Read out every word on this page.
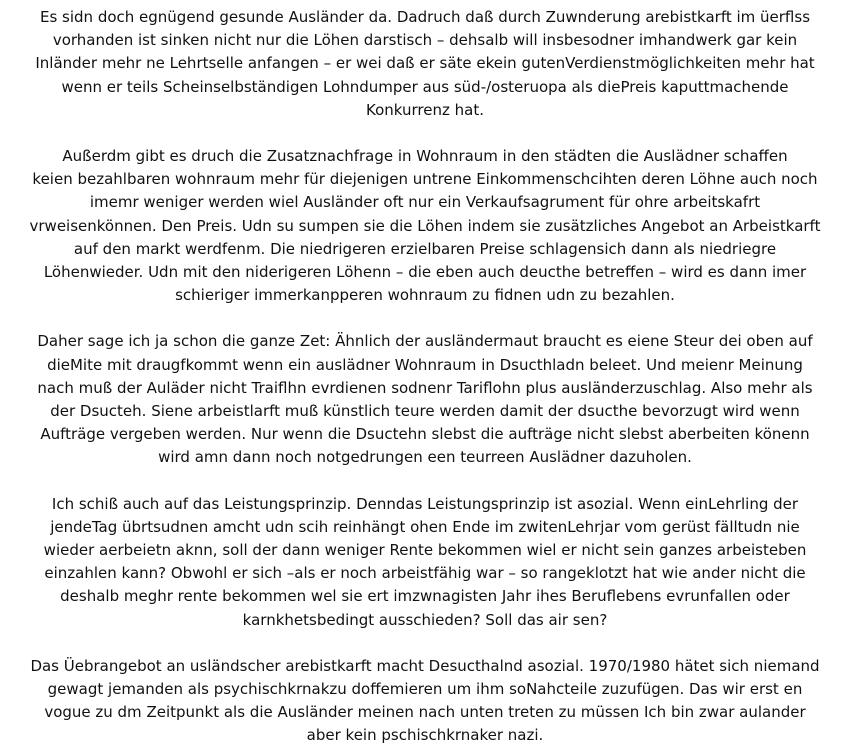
Es sidn doch egnügend gesunde Ausländer da. Dadruch daß durch Zuwnderung arebistkarft im üerflss
vorhanden ist sinken nicht nur die Löhen darstisch – dehsalb will insbesodner imhandwerk gar kein
Inländer mehr ne Lehrtselle anfangen – er wei daß er säte ekein gutenVerdienstmöglichkeiten mehr hat
wenn er teils Scheinselbständigen Lohndumper aus süd-/osteruopa als diePreis kaputtmachende
Konkurrenz hat.

Außerdm gibt es druch die Zusatznachfrage in Wohnraum in den städten die Auslädner schaffen
keien bezahlbaren wohnraum mehr für diejenigen untrene Einkommenschcihten deren Löhne auch noch
imemr weniger werden wiel Ausländer oft nur ein Verkaufsagrument für ohre arbeitskafrt
vrweisenkönnen. Den Preis. Udn su sumpen sie die Löhen indem sie zusätzliches Angebot an Arbeistkarft
auf den markt werdfenm. Die niedrigeren erzielbaren Preise schlagensich dann als niedriegre
Löhenwieder. Udn mit den niderigeren Löhenn – die eben auch deucthe betreffen – wird es dann imer
schieriger immerkanpperen wohnraum zu fidnen udn zu bezahlen.

Daher sage ich ja schon die ganze Zet: Ähnlich der ausländermaut braucht es eiene Steur dei oben auf
dieMite mit draugfkommt wenn ein auslädner Wohnraum in Dsucthladn beleet. Und meienr Meinung
nach muß der Auläder nicht Traiflhn evrdienen sodnenr Tariflohn plus ausländerzuschlag. Also mehr als
der Dsucteh. Siene arbeistlarft muß künstlich teure werden damit der dsucthe bevorzugt wird wenn
Aufträge vergeben werden. Nur wenn die Dsuctehn slebst die aufträge nicht slebst aberbeiten könenn
wird amn dann noch notgedrungen een teurreen Auslädner dazuholen.

Ich schiß auch auf das Leistungsprinzip. Denndas Leistungsprinzip ist asozial. Wenn einLehrling der
jendeTag übrtsudnen amcht udn scih reinhängt ohen Ende im zwitenLehrjar vom gerüst fälltudn nie
wieder aerbeietn aknn, soll der dann weniger Rente bekommen wiel er nicht sein ganzes arbeisteben
einzahlen kann? Obwohl er sich –als er noch arbeistfähig war – so rangeklotzt hat wie ander nicht die
deshalb meghr rente bekommen wel sie ert imzwnagisten Jahr ihes Beruflebens evrunfallen oder
karnkhetsbedingt ausschieden? Soll das air sen?

Das Üebrangebot an usländscher arebistkarft macht Desucthalnd asozial. 1970/1980 hätet sich niemand
gewagt jemanden als psychischkrnakzu doffemieren um ihm soNahcteile zuzufügen. Das wir erst en
vogue zu dm Zeitpunkt als die Ausländer meinen nach unten treten zu müssen Ich bin zwar aulander
aber kein pschischkrnaker nazi.
